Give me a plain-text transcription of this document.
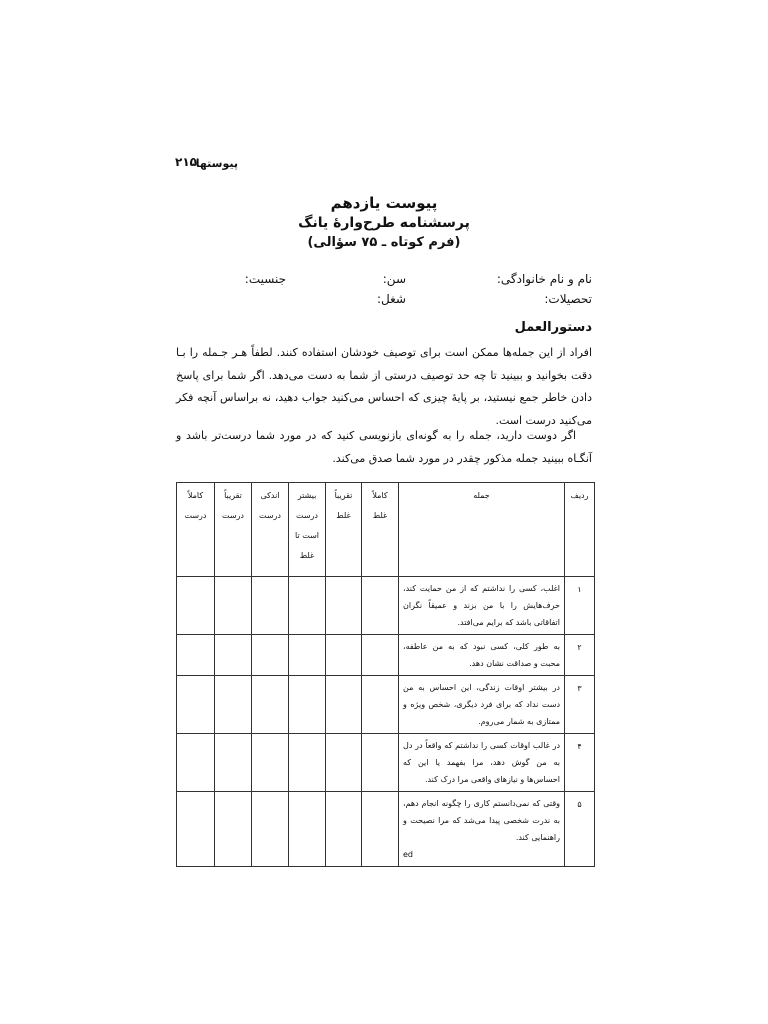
پیوستها
۲۱۵
پیوست یازدهم
پرسشنامه طرح‌وارهٔ یانگ
(فرم کوتاه ـ ۷۵ سؤالی)
نام و نام خانوادگی:
سن:
جنسیت:
تحصیلات:
شغل:
دستورالعمل
افراد از این جمله‌ها ممکن است برای توصیف خودشان استفاده کنند. لطفاً هـر جـمله را بـا دقت بخوانید و ببینید تا چه حد توصیف درستی از شما به دست می‌دهد. اگر شما برای پاسخ دادن خاطر جمع نیستید، بر پایهٔ چیزی که احساس می‌کنید جواب دهید، نه براساس آنچه فکر می‌کنید درست است.
اگر دوست دارید، جمله را به گونه‌ای بازنویسی کنید که در مورد شما درست‌تر باشد و آنگـاه ببینید جمله مذکور چقدر در مورد شما صدق می‌کند.
ردیف	جمله	کاملاً غلط	تقریباً غلط	بیشتر درست است تا غلط	اندکی درست	تقریباً درست	کاملاً درست
۱	اغلب، کسی را نداشتم که از من حمایت کند، حرف‌هایش را با من بزند و عمیقاً نگران اتفاقاتی باشد که برایم می‌افتد.						
۲	به طور کلی، کسی نبود که به من عاطفه، محبت و صداقت نشان دهد.						
۳	در بیشتر اوقات زندگی، این احساس به من دست نداد که برای فرد دیگری، شخص ویژه و ممتازی به شمار می‌روم.						
۴	در غالب اوقات کسی را نداشتم که واقعاً در دل به من گوش دهد، مرا بفهمد یا این که احساس‌ها و نیازهای واقعی مرا درک کند.						
۵	وقتی که نمی‌دانستم کاری را چگونه انجام دهم، به ندرت شخصی پیدا می‌شد که مرا نصیحت و راهنمایی کند.

ed						
